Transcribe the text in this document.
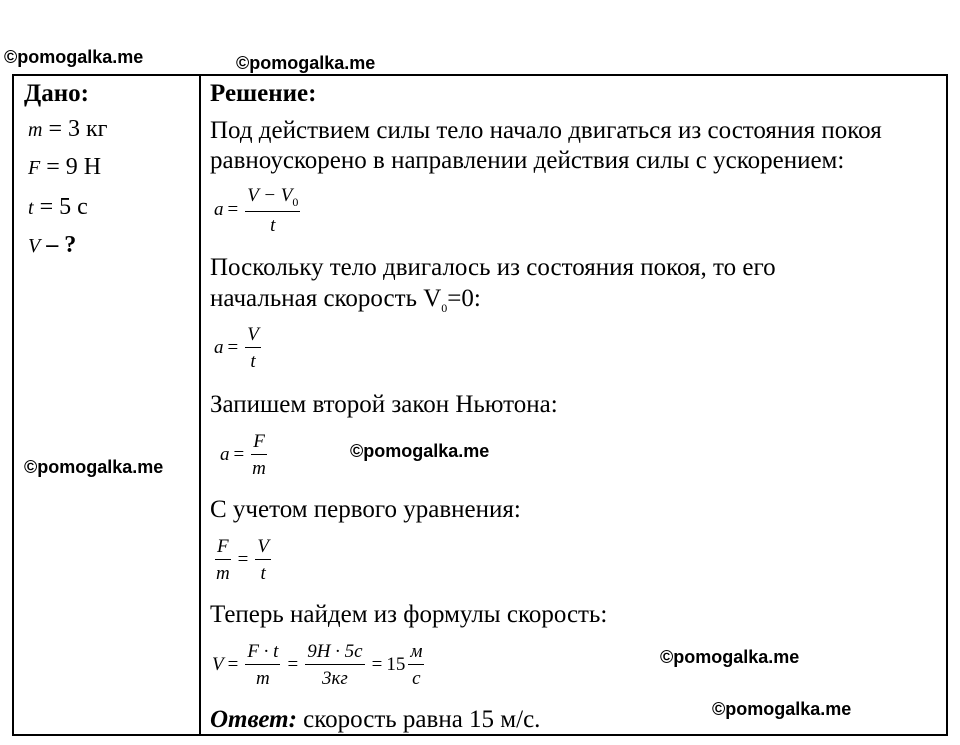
©pomogalka.me	©pomogalka.me
©pomogalka.me
©pomogalka.me
©pomogalka.me
©pomogalka.me
Дано:
m = 3 кг
F = 9 Н
t = 5 с
V – ?
Решение:
Под действием силы тело начало двигаться из состояния покоя
равноускорено в направлении действия силы с ускорением:
$a = \frac{V - V_0}{t}$
Поскольку тело двигалось из состояния покоя, то его
начальная скорость $V_0=0$:
$a = \frac{V}{t}$
Запишем второй закон Ньютона:
$a = \frac{F}{m}$
С учетом первого уравнения:
$\frac{F}{m} = \frac{V}{t}$
Теперь найдем из формулы скорость:
$V = \frac{F \cdot t}{m} = \frac{9H \cdot 5c}{3кг} = 15 \frac{м}{с}$
Ответ: скорость равна 15 м/с.
